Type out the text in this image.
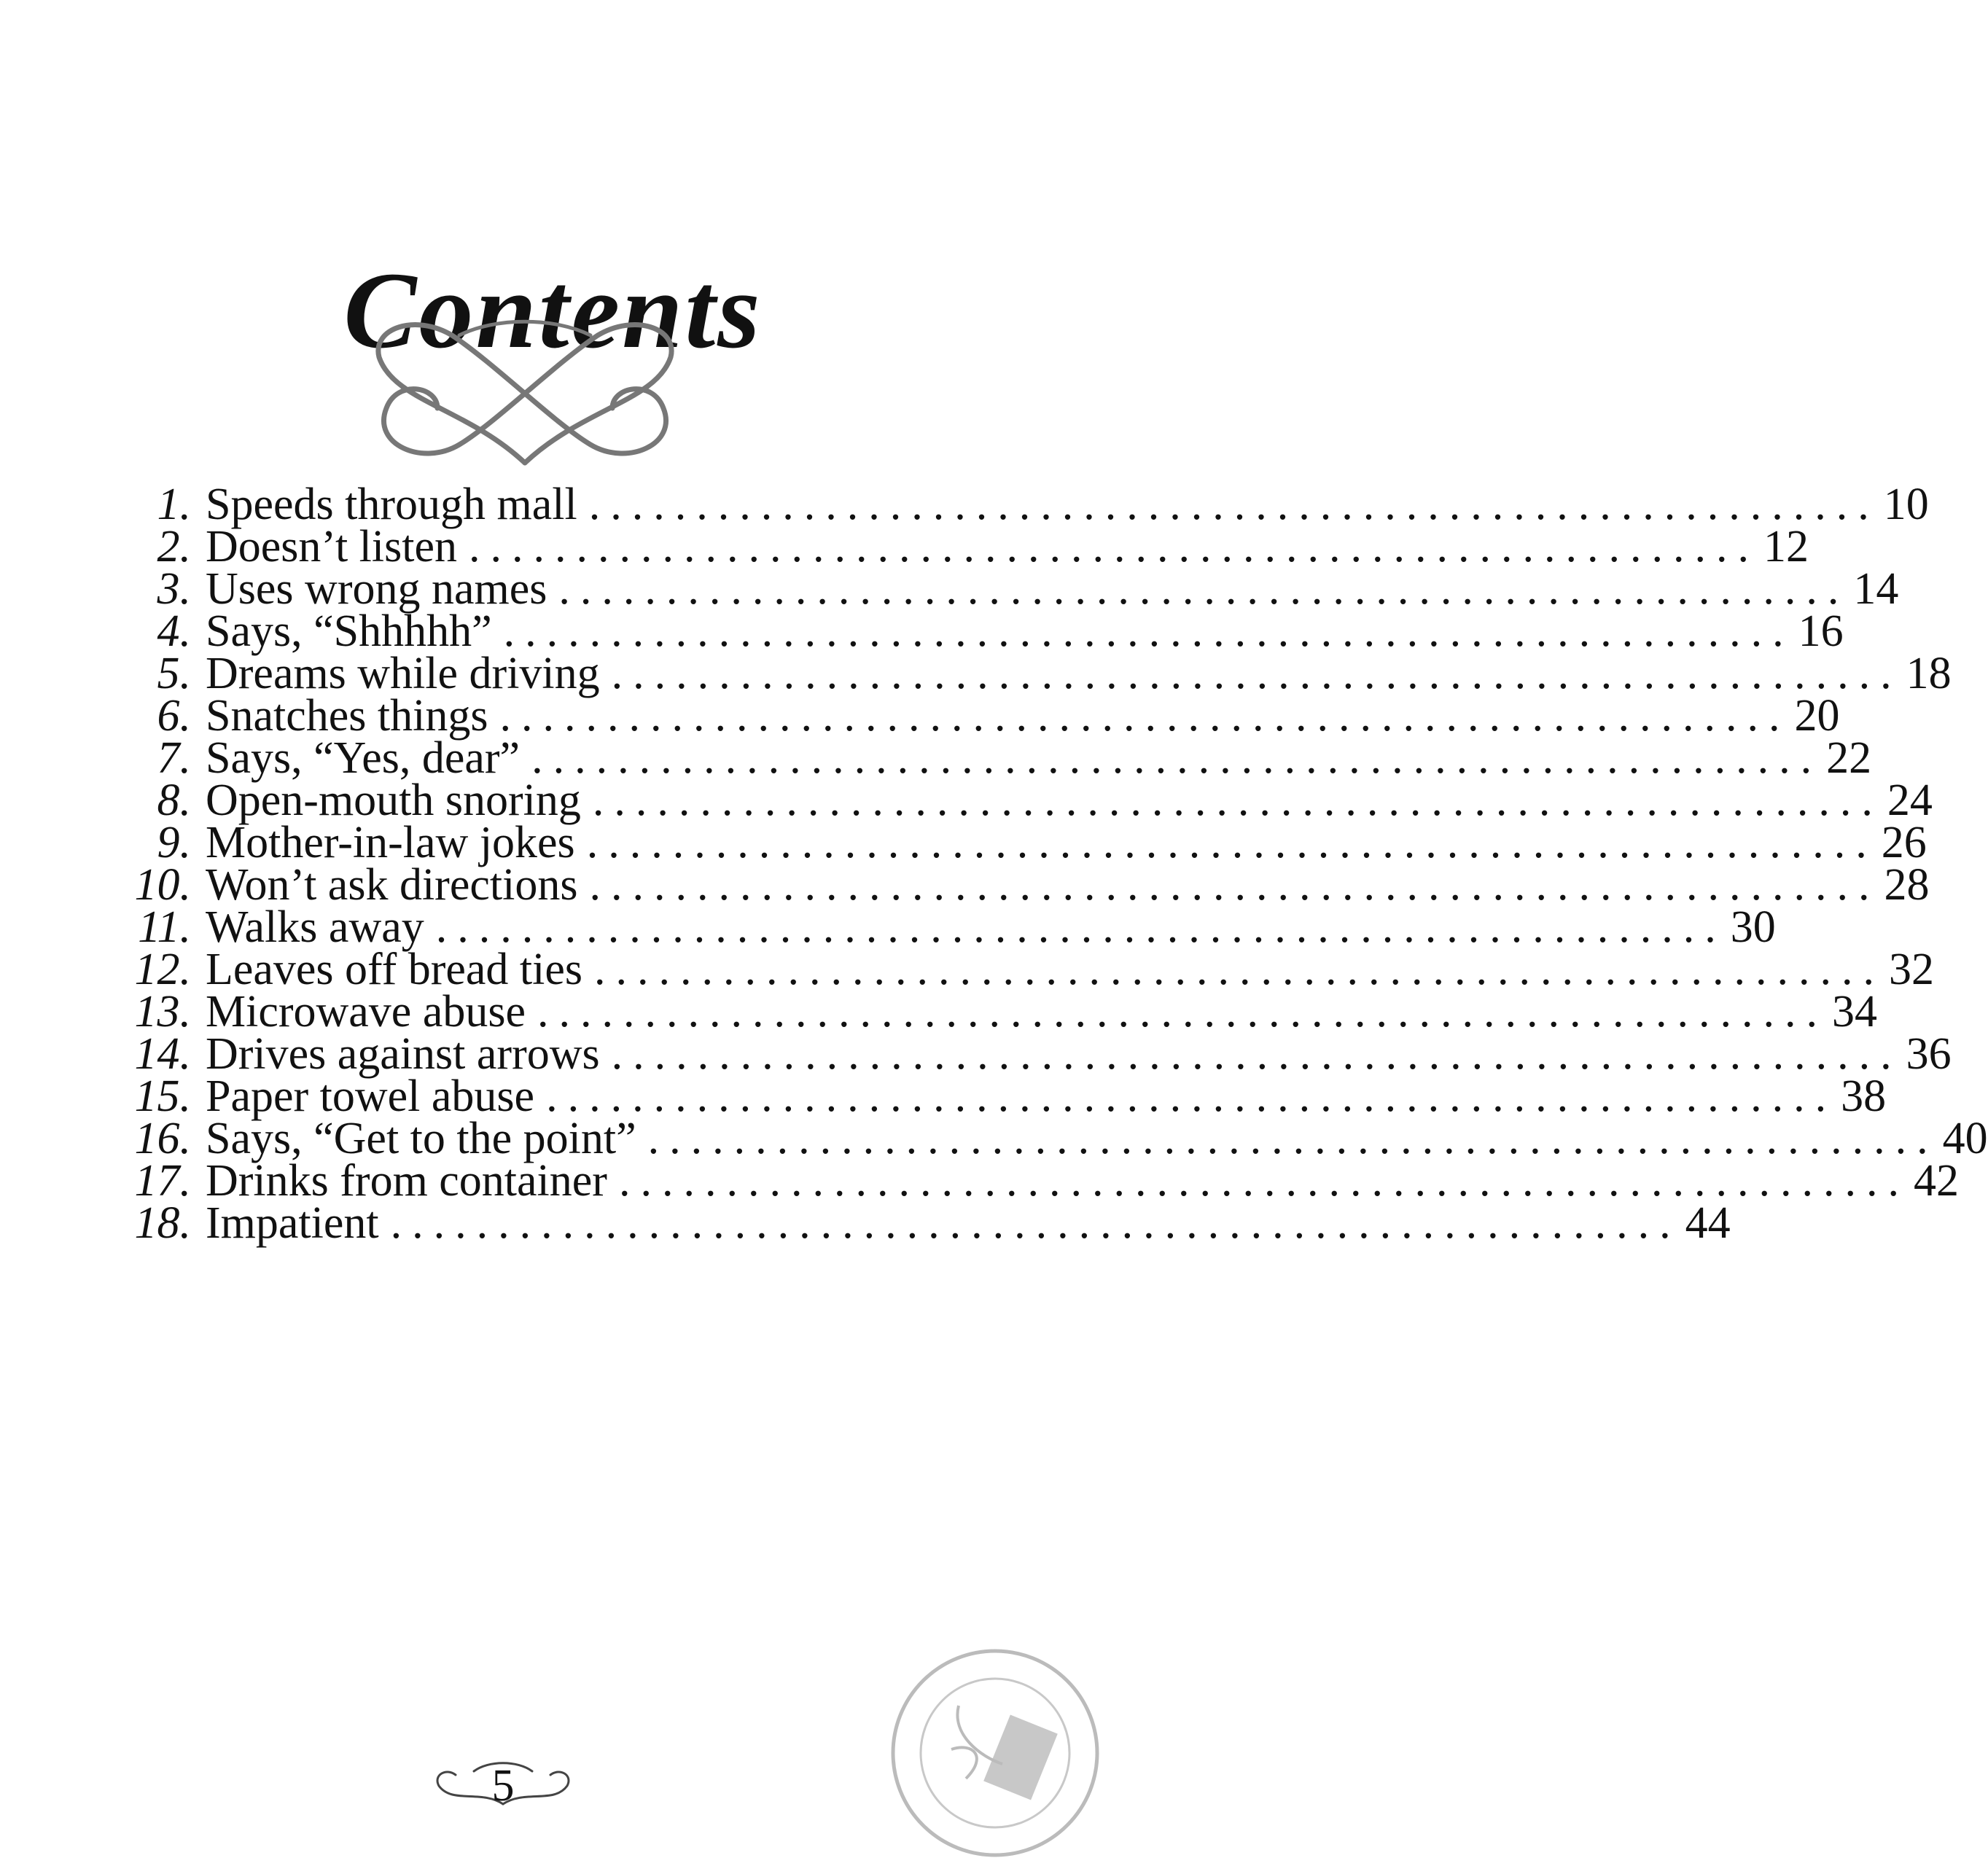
Contents
1. Speeds through mall ............................................................ 10
2. Doesn’t listen ............................................................ 12
3. Uses wrong names ............................................................ 14
4. Says, “Shhhhh” ............................................................ 16
5. Dreams while driving ............................................................ 18
6. Snatches things ............................................................ 20
7. Says, “Yes, dear” ............................................................ 22
8. Open-mouth snoring ............................................................ 24
9. Mother-in-law jokes ............................................................ 26
10. Won’t ask directions ............................................................ 28
11. Walks away ............................................................ 30
12. Leaves off bread ties ............................................................ 32
13. Microwave abuse ............................................................ 34
14. Drives against arrows ............................................................ 36
15. Paper towel abuse ............................................................ 38
16. Says, “Get to the point” ............................................................ 40
17. Drinks from container ............................................................ 42
18. Impatient ............................................................ 44
5
